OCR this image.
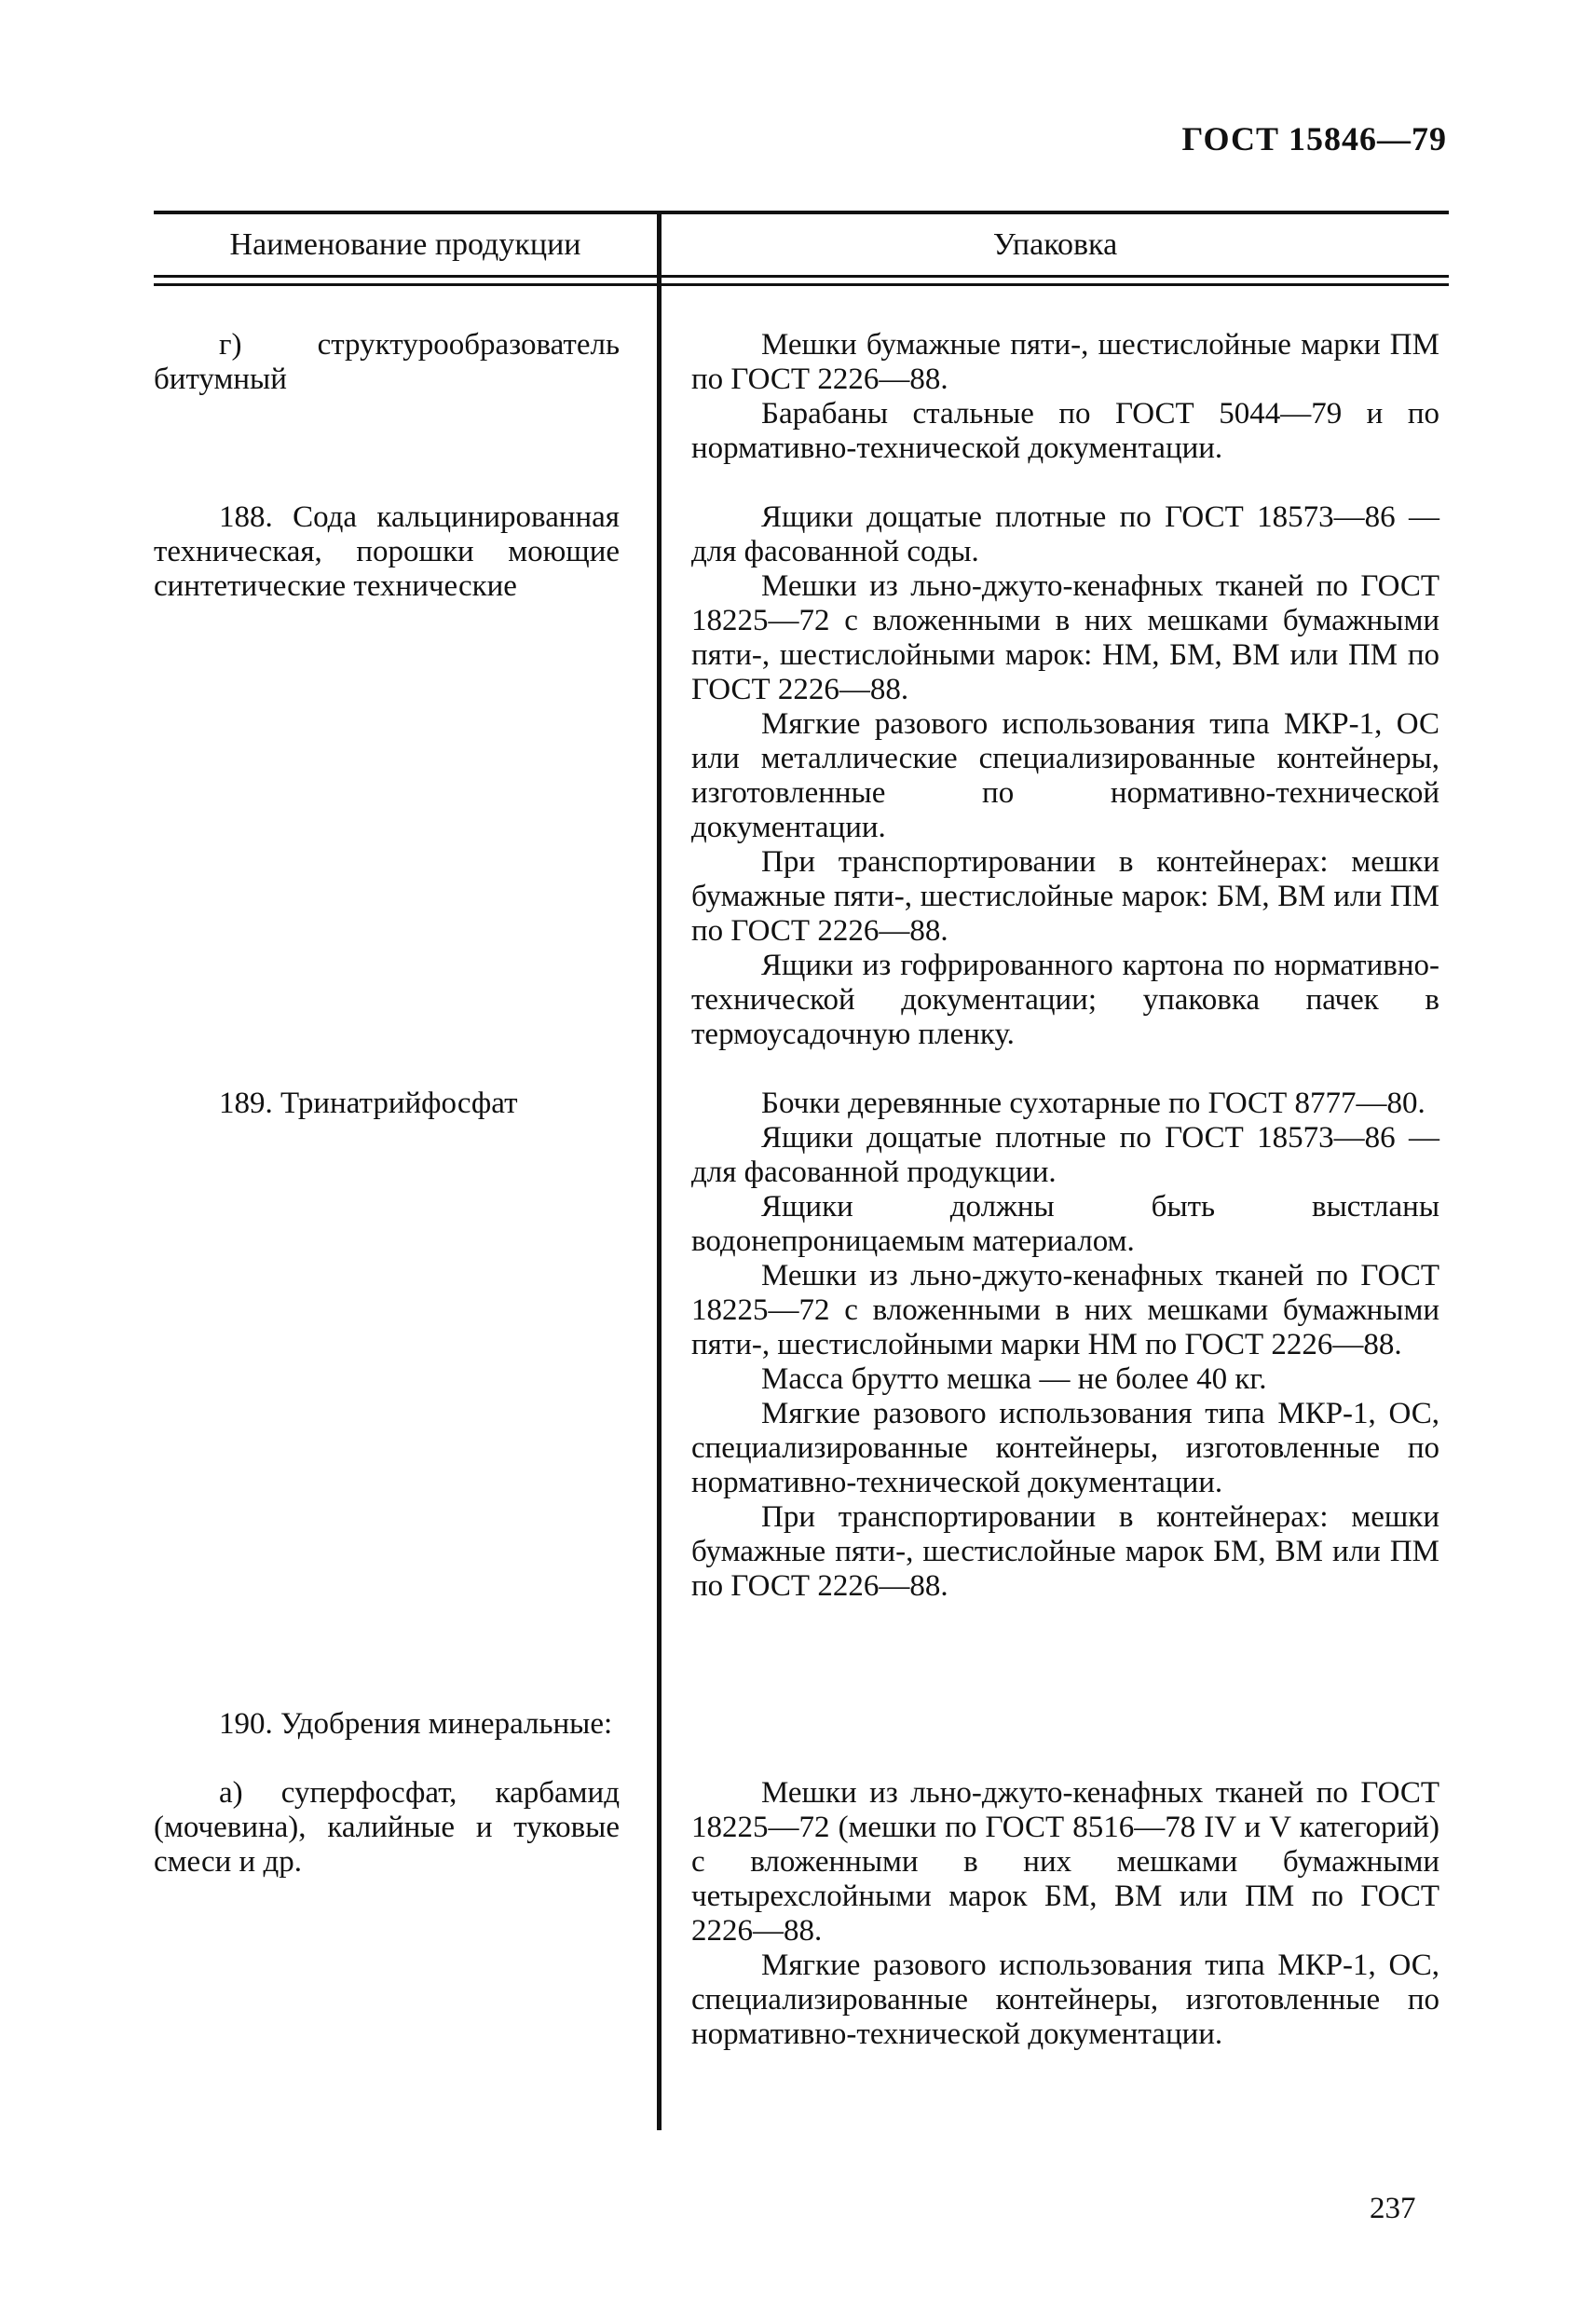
ГОСТ 15846—79
Наименование продукции	Упаковка

г) структурообразователь битумный

Мешки бумажные пяти-, шестислойные марки ПМ по ГОСТ 2226—88.

Барабаны стальные по ГОСТ 5044—79 и по нормативно-технической документации.

188. Сода кальцинированная техническая, порошки моющие синтетические технические

Ящики дощатые плотные по ГОСТ 18573—86 — для фасованной соды.

Мешки из льно-джуто-кенафных тканей по ГОСТ 18225—72 с вложенными в них мешками бумажными пяти-, шестислойными марок: НМ, БМ, ВМ или ПМ по ГОСТ 2226—88.

Мягкие разового использования типа МКР-1, ОС или металлические специализированные контейнеры, изготовленные по нормативно-технической документации.

При транспортировании в контейнерах: мешки бумажные пяти-, шестислойные марок: БМ, ВМ или ПМ по ГОСТ 2226—88.

Ящики из гофрированного картона по нормативно-технической документации; упаковка пачек в термоусадочную пленку.

189. Тринатрийфосфат	Бочки деревянные сухотарные по ГОСТ 8777—80.

Ящики дощатые плотные по ГОСТ 18573—86 — для фасованной продукции.

Ящики должны быть выстланы водонепроницаемым материалом.

Мешки из льно-джуто-кенафных тканей по ГОСТ 18225—72 с вложенными в них мешками бумажными пяти-, шестислойными марки НМ по ГОСТ 2226—88.

Масса брутто мешка — не более 40 кг.

Мягкие разового использования типа МКР-1, ОС, специализированные контейнеры, изготовленные по нормативно-технической документации.

При транспортировании в контейнерах: мешки бумажные пяти-, шестислойные марок БМ, ВМ или ПМ по ГОСТ 2226—88.

190. Удобрения минеральные:

а) суперфосфат, карбамид (мочевина), калийные и туковые смеси и др.

Мешки из льно-джуто-кенафных тканей по ГОСТ 18225—72 (мешки по ГОСТ 8516—78 IV и V категорий) с вложенными в них мешками бумажными четырехслойными марок БМ, ВМ или ПМ по ГОСТ 2226—88.

Мягкие разового использования типа МКР-1, ОС, специализированные контейнеры, изготовленные по нормативно-технической документации.

237
